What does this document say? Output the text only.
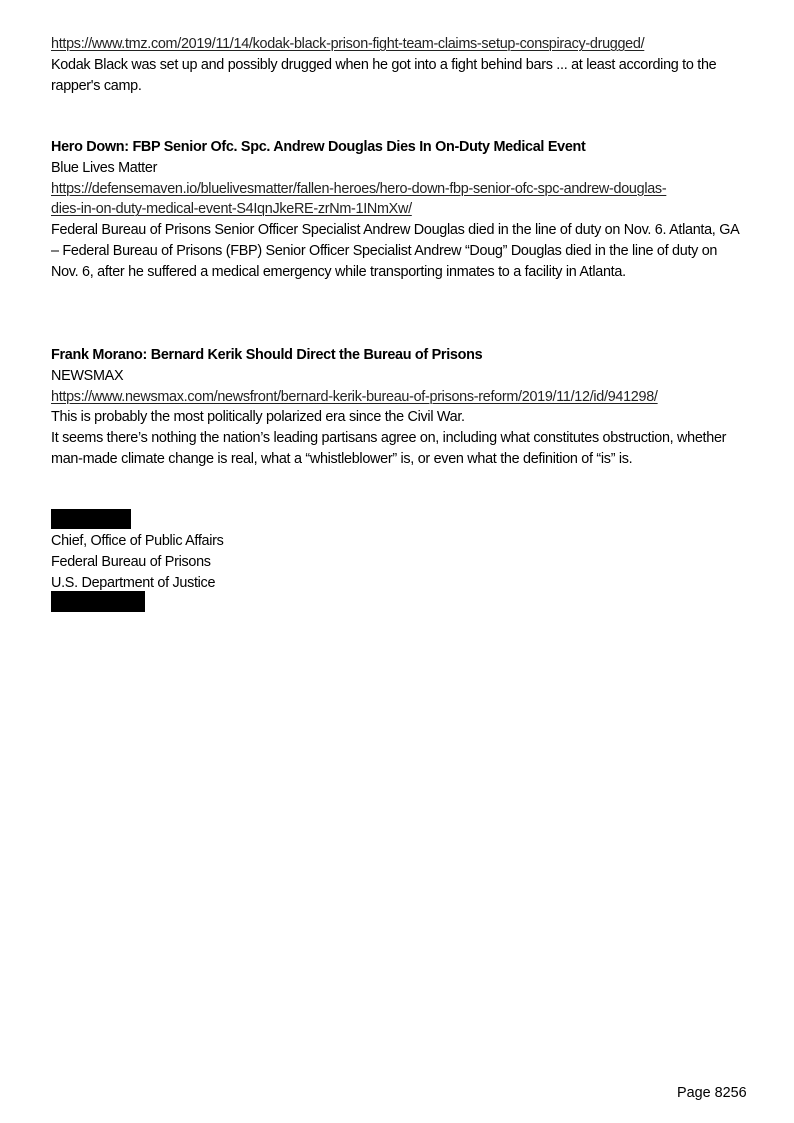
https://www.tmz.com/2019/11/14/kodak-black-prison-fight-team-claims-setup-conspiracy-drugged/
Kodak Black was set up and possibly drugged when he got into a fight behind bars ... at least according to the rapper's camp.
Hero Down: FBP Senior Ofc. Spc. Andrew Douglas Dies In On-Duty Medical Event
Blue Lives Matter
https://defensemaven.io/bluelivesmatter/fallen-heroes/hero-down-fbp-senior-ofc-spc-andrew-douglas-
dies-in-on-duty-medical-event-S4IqnJkeRE-zrNm-1INmXw/
Federal Bureau of Prisons Senior Officer Specialist Andrew Douglas died in the line of duty on Nov. 6. Atlanta, GA – Federal Bureau of Prisons (FBP) Senior Officer Specialist Andrew “Doug” Douglas died in the line of duty on Nov. 6, after he suffered a medical emergency while transporting inmates to a facility in Atlanta.
Frank Morano: Bernard Kerik Should Direct the Bureau of Prisons
NEWSMAX
https://www.newsmax.com/newsfront/bernard-kerik-bureau-of-prisons-reform/2019/11/12/id/941298/
This is probably the most politically polarized era since the Civil War.
It seems there’s nothing the nation’s leading partisans agree on, including what constitutes obstruction, whether man-made climate change is real, what a “whistleblower” is, or even what the definition of “is” is.
Chief, Office of Public Affairs
Federal Bureau of Prisons
U.S. Department of Justice
Page 8256
